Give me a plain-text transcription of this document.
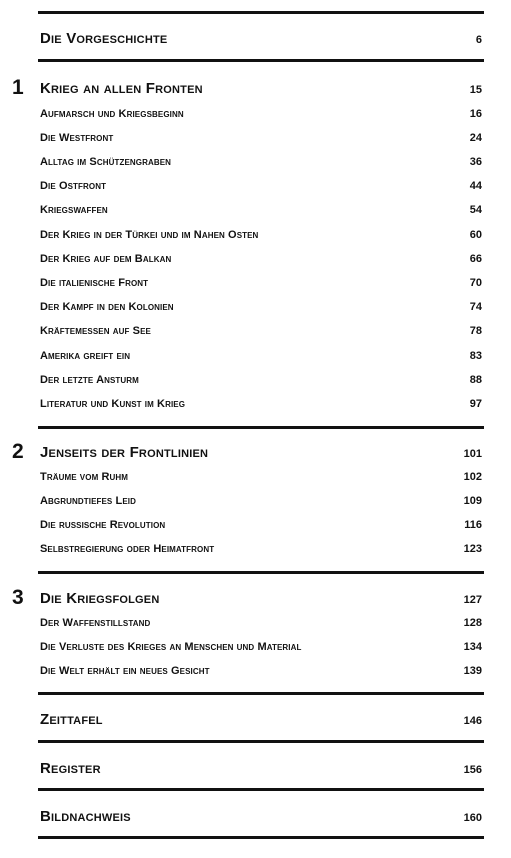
Die Vorgeschichte	6
1 Krieg an allen Fronten	15
Aufmarsch und Kriegsbeginn	16
Die Westfront	24
Alltag im Schützengraben	36
Die Ostfront	44
Kriegswaffen	54
Der Krieg in der Türkei und im Nahen Osten	60
Der Krieg auf dem Balkan	66
Die italienische Front	70
Der Kampf in den Kolonien	74
Kräftemessen auf See	78
Amerika greift ein	83
Der letzte Ansturm	88
Literatur und Kunst im Krieg	97
2 Jenseits der Frontlinien	101
Träume vom Ruhm	102
Abgrundtiefes Leid	109
Die russische Revolution	116
Selbstregierung oder Heimatfront	123
3 Die Kriegsfolgen	127
Der Waffenstillstand	128
Die Verluste des Krieges an Menschen und Material	134
Die Welt erhält ein neues Gesicht	139
Zeittafel	146
Register	156
Bildnachweis	160
